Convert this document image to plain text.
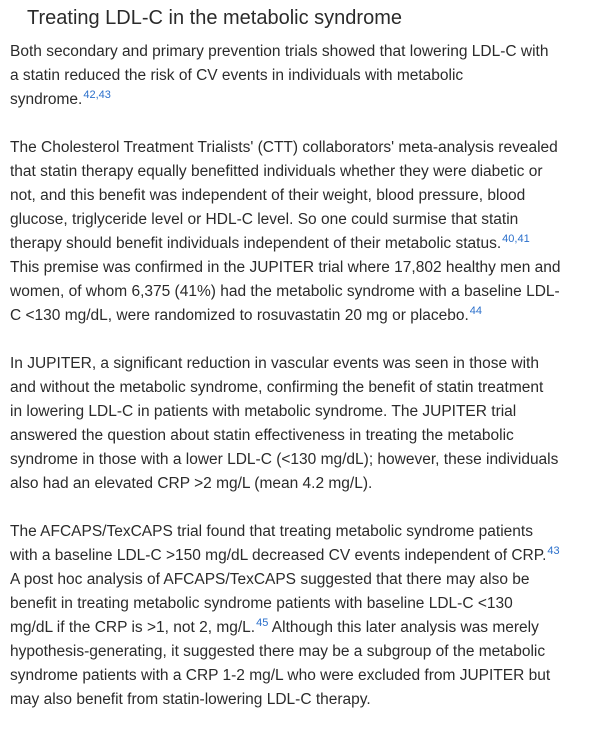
Treating LDL-C in the metabolic syndrome

Both secondary and primary prevention trials showed that lowering LDL-C with
a statin reduced the risk of CV events in individuals with metabolic
syndrome.$^{42,43}$

The Cholesterol Treatment Trialists' (CTT) collaborators' meta-analysis revealed
that statin therapy equally benefitted individuals whether they were diabetic or
not, and this benefit was independent of their weight, blood pressure, blood
glucose, triglyceride level or HDL-C level. So one could surmise that statin
therapy should benefit individuals independent of their metabolic status.$^{40,41}$
This premise was confirmed in the JUPITER trial where 17,802 healthy men and
women, of whom 6,375 (41%) had the metabolic syndrome with a baseline LDL-
C <130 mg/dL, were randomized to rosuvastatin 20 mg or placebo.$^{44}$

In JUPITER, a significant reduction in vascular events was seen in those with
and without the metabolic syndrome, confirming the benefit of statin treatment
in lowering LDL-C in patients with metabolic syndrome. The JUPITER trial
answered the question about statin effectiveness in treating the metabolic
syndrome in those with a lower LDL-C (<130 mg/dL); however, these individuals
also had an elevated CRP >2 mg/L (mean 4.2 mg/L).

The AFCAPS/TexCAPS trial found that treating metabolic syndrome patients
with a baseline LDL-C >150 mg/dL decreased CV events independent of CRP.$^{43}$
A post hoc analysis of AFCAPS/TexCAPS suggested that there may also be
benefit in treating metabolic syndrome patients with baseline LDL-C <130
mg/dL if the CRP is >1, not 2, mg/L.$^{45}$ Although this later analysis was merely
hypothesis-generating, it suggested there may be a subgroup of the metabolic
syndrome patients with a CRP 1-2 mg/L who were excluded from JUPITER but
may also benefit from statin-lowering LDL-C therapy.
